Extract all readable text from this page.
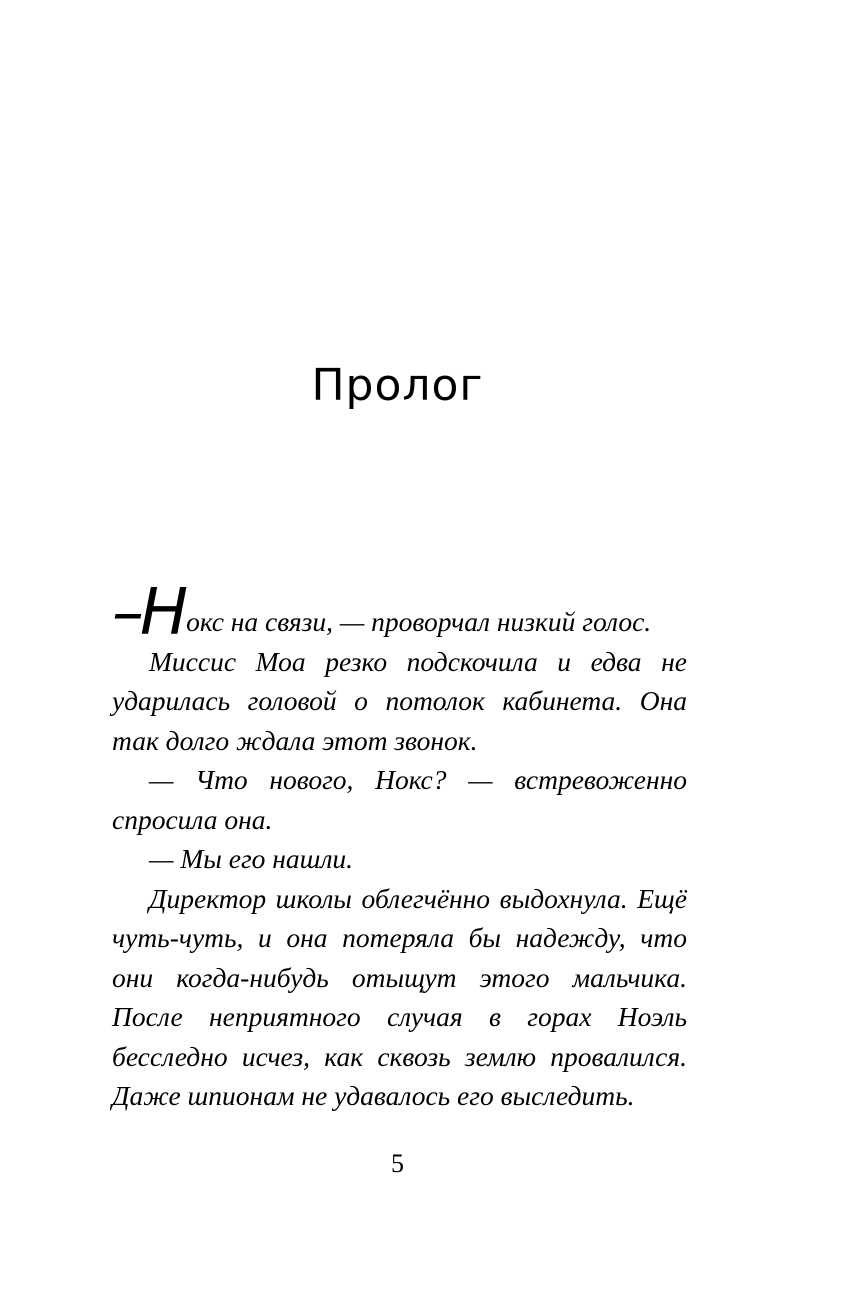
Пролог

–Нокс на связи, — проворчал низкий голос.

Миссис Моа резко подскочила и едва не ударилась головой о потолок кабинета. Она так долго ждала этот звонок.

— Что нового, Нокс? — встревоженно спросила она.

— Мы его нашли.

Директор школы облегчённо выдохнула. Ещё чуть-чуть, и она потеряла бы надежду, что они когда-нибудь отыщут этого мальчика. После неприятного случая в горах Ноэль бесследно исчез, как сквозь землю провалился. Даже шпионам не удавалось его выследить.

5
